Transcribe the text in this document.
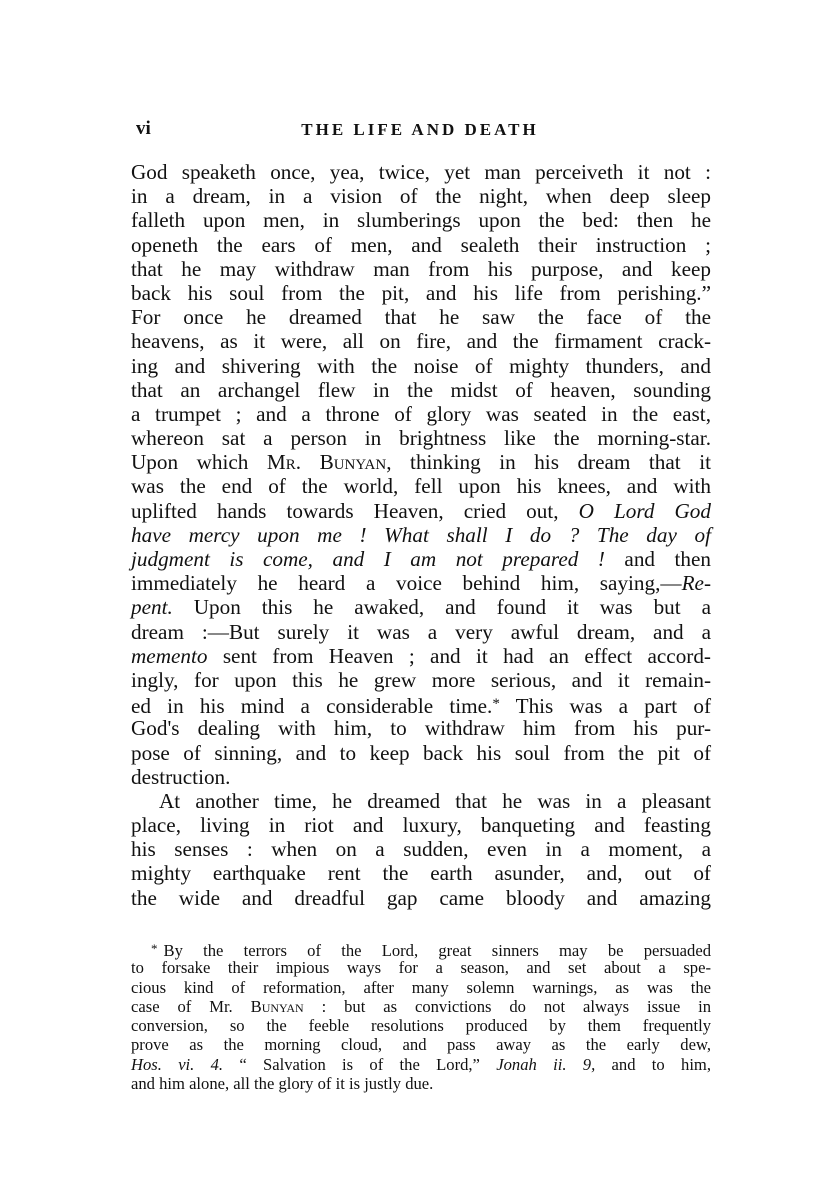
vi	THE LIFE AND DEATH
God speaketh once, yea, twice, yet man perceiveth it not :
in a dream, in a vision of the night, when deep sleep
falleth upon men, in slumberings upon the bed: then he
openeth the ears of men, and sealeth their instruction ;
that he may withdraw man from his purpose, and keep
back his soul from the pit, and his life from perishing.”
For once he dreamed that he saw the face of the
heavens, as it were, all on fire, and the firmament crack-
ing and shivering with the noise of mighty thunders, and
that an archangel flew in the midst of heaven, sounding
a trumpet ; and a throne of glory was seated in the east,
whereon sat a person in brightness like the morning-star.
Upon which Mr. Bunyan, thinking in his dream that it
was the end of the world, fell upon his knees, and with
uplifted hands towards Heaven, cried out, O Lord God
have mercy upon me ! What shall I do ? The day of
judgment is come, and I am not prepared ! and then
immediately he heard a voice behind him, saying,—Re-
pent. Upon this he awaked, and found it was but a
dream :—But surely it was a very awful dream, and a
memento sent from Heaven ; and it had an effect accord-
ingly, for upon this he grew more serious, and it remain-
ed in his mind a considerable time.* This was a part of
God's dealing with him, to withdraw him from his pur-
pose of sinning, and to keep back his soul from the pit of
destruction.
At another time, he dreamed that he was in a pleasant
place, living in riot and luxury, banqueting and feasting
his senses : when on a sudden, even in a moment, a
mighty earthquake rent the earth asunder, and, out of
the wide and dreadful gap came bloody and amazing
* By the terrors of the Lord, great sinners may be persuaded
to forsake their impious ways for a season, and set about a spe-
cious kind of reformation, after many solemn warnings, as was the
case of Mr. Bunyan : but as convictions do not always issue in
conversion, so the feeble resolutions produced by them frequently
prove as the morning cloud, and pass away as the early dew,
Hos. vi. 4. “ Salvation is of the Lord,” Jonah ii. 9, and to him,
and him alone, all the glory of it is justly due.
